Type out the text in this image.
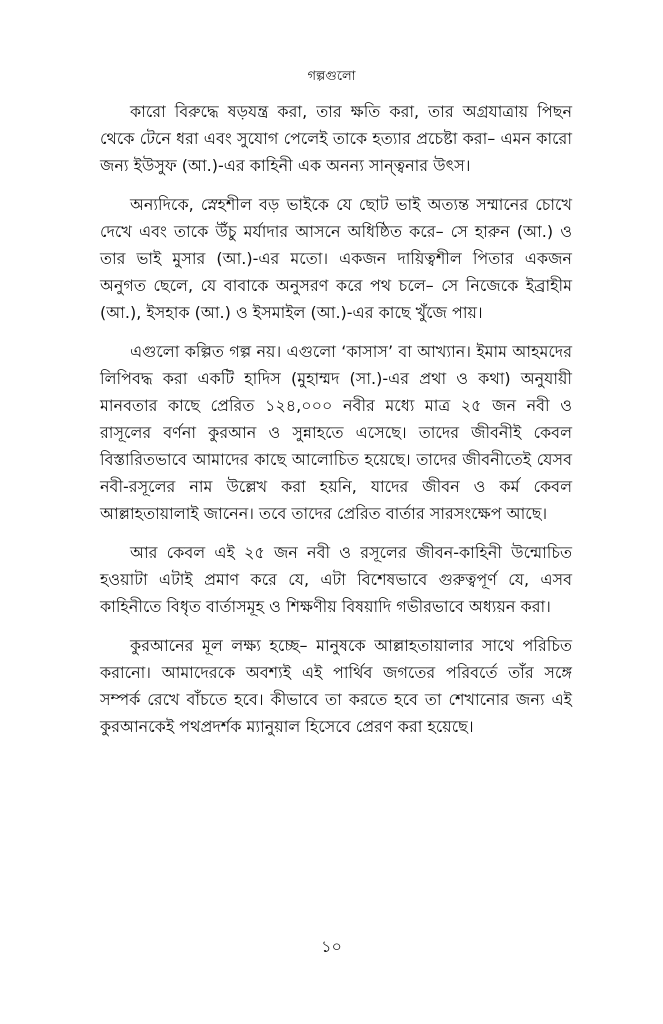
গল্পগুলো

কারো বিরুদ্ধে ষড়যন্ত্র করা, তার ক্ষতি করা, তার অগ্রযাত্রায় পিছন থেকে টেনে ধরা এবং সুযোগ পেলেই তাকে হত্যার প্রচেষ্টা করা– এমন কারো জন্য ইউসুফ (আ.)-এর কাহিনী এক অনন্য সান্ত্বনার উৎস।

অন্যদিকে, স্নেহশীল বড় ভাইকে যে ছোট ভাই অত্যন্ত সম্মানের চোখে দেখে এবং তাকে উঁচু মর্যাদার আসনে অধিষ্ঠিত করে– সে হারুন (আ.) ও তার ভাই মুসার (আ.)-এর মতো। একজন দায়িত্বশীল পিতার একজন অনুগত ছেলে, যে বাবাকে অনুসরণ করে পথ চলে– সে নিজেকে ইব্রাহীম (আ.), ইসহাক (আ.) ও ইসমাইল (আ.)-এর কাছে খুঁজে পায়।

এগুলো কল্পিত গল্প নয়। এগুলো ‘কাসাস’ বা আখ্যান। ইমাম আহমদের লিপিবদ্ধ করা একটি হাদিস (মুহাম্মদ (সা.)-এর প্রথা ও কথা) অনুযায়ী মানবতার কাছে প্রেরিত ১২৪,০০০ নবীর মধ্যে মাত্র ২৫ জন নবী ও রাসূলের বর্ণনা কুরআন ও সুন্নাহতে এসেছে। তাদের জীবনীই কেবল বিস্তারিতভাবে আমাদের কাছে আলোচিত হয়েছে। তাদের জীবনীতেই যেসব নবী-রসূলের নাম উল্লেখ করা হয়নি, যাদের জীবন ও কর্ম কেবল আল্লাহতায়ালাই জানেন। তবে তাদের প্রেরিত বার্তার সারসংক্ষেপ আছে।

আর কেবল এই ২৫ জন নবী ও রসূলের জীবন-কাহিনী উন্মোচিত হওয়াটা এটাই প্রমাণ করে যে, এটা বিশেষভাবে গুরুত্বপূর্ণ যে, এসব কাহিনীতে বিধৃত বার্তাসমূহ ও শিক্ষণীয় বিষয়াদি গভীরভাবে অধ্যয়ন করা।

কুরআনের মূল লক্ষ্য হচ্ছে– মানুষকে আল্লাহতায়ালার সাথে পরিচিত করানো। আমাদেরকে অবশ্যই এই পার্থিব জগতের পরিবর্তে তাঁর সঙ্গে সম্পর্ক রেখে বাঁচতে হবে। কীভাবে তা করতে হবে তা শেখানোর জন্য এই কুরআনকেই পথপ্রদর্শক ম্যানুয়াল হিসেবে প্রেরণ করা হয়েছে।

১০
